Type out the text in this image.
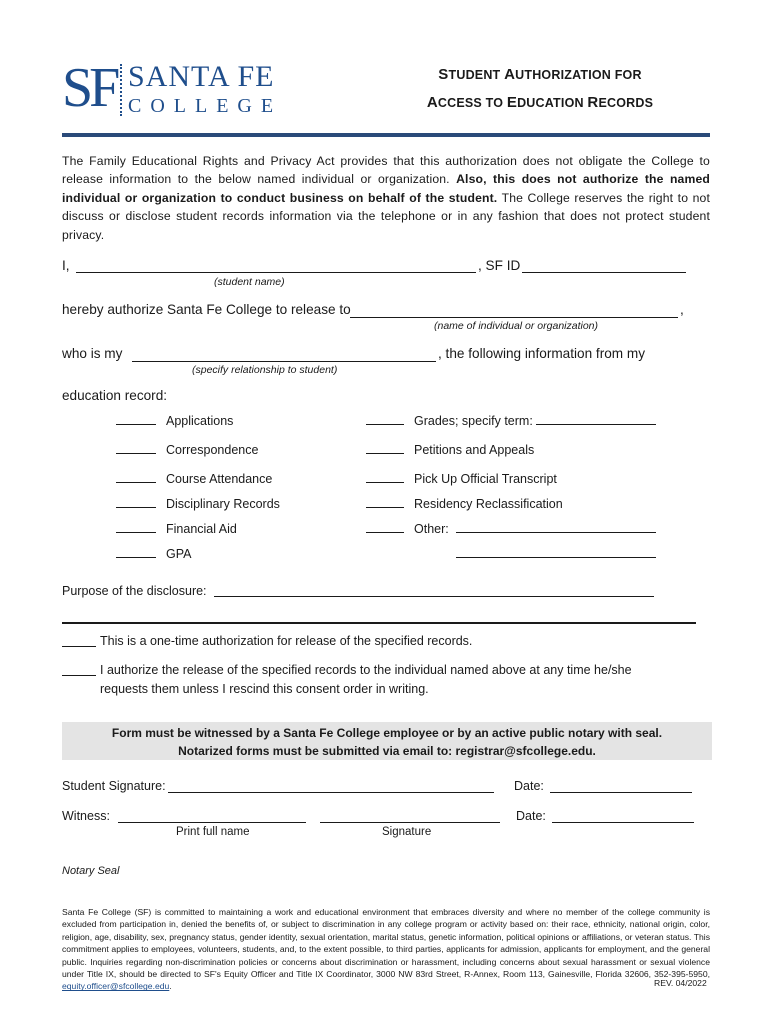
SF SANTA FE
COLLEGE
STUDENT AUTHORIZATION FOR
ACCESS TO EDUCATION RECORDS
The Family Educational Rights and Privacy Act provides that this authorization does not obligate the College to release information to the below named individual or organization. Also, this does not authorize the named individual or organization to conduct business on behalf of the student. The College reserves the right to not discuss or disclose student records information via the telephone or in any fashion that does not protect student privacy.
I,	, SF ID
(student name)
hereby authorize Santa Fe College to release to	,
(name of individual or organization)
who is my	, the following information from my
(specify relationship to student)
education record:
Applications
Correspondence
Course Attendance
Disciplinary Records
Financial Aid
GPA
Grades; specify term:
Petitions and Appeals
Pick Up Official Transcript
Residency Reclassification
Other:
Purpose of the disclosure:
This is a one-time authorization for release of the specified records.
I authorize the release of the specified records to the individual named above at any time he/she
requests them unless I rescind this consent order in writing.
Form must be witnessed by a Santa Fe College employee or by an active public notary with seal.
Notarized forms must be submitted via email to: registrar@sfcollege.edu.
Student Signature:	Date:
Witness:	Date:
Print full name	Signature
Notary Seal
Santa Fe College (SF) is committed to maintaining a work and educational environment that embraces diversity and where no member of the college community is excluded from participation in, denied the benefits of, or subject to discrimination in any college program or activity based on: their race, ethnicity, national origin, color, religion, age, disability, sex, pregnancy status, gender identity, sexual orientation, marital status, genetic information, political opinions or affiliations, or veteran status. This commitment applies to employees, volunteers, students, and, to the extent possible, to third parties, applicants for admission, applicants for employment, and the general public. Inquiries regarding non-discrimination policies or concerns about discrimination or harassment, including concerns about sexual harassment or sexual violence under Title IX, should be directed to SF's Equity Officer and Title IX Coordinator, 3000 NW 83rd Street, R-Annex, Room 113, Gainesville, Florida 32606, 352-395-5950, equity.officer@sfcollege.edu.	REV. 04/2022
